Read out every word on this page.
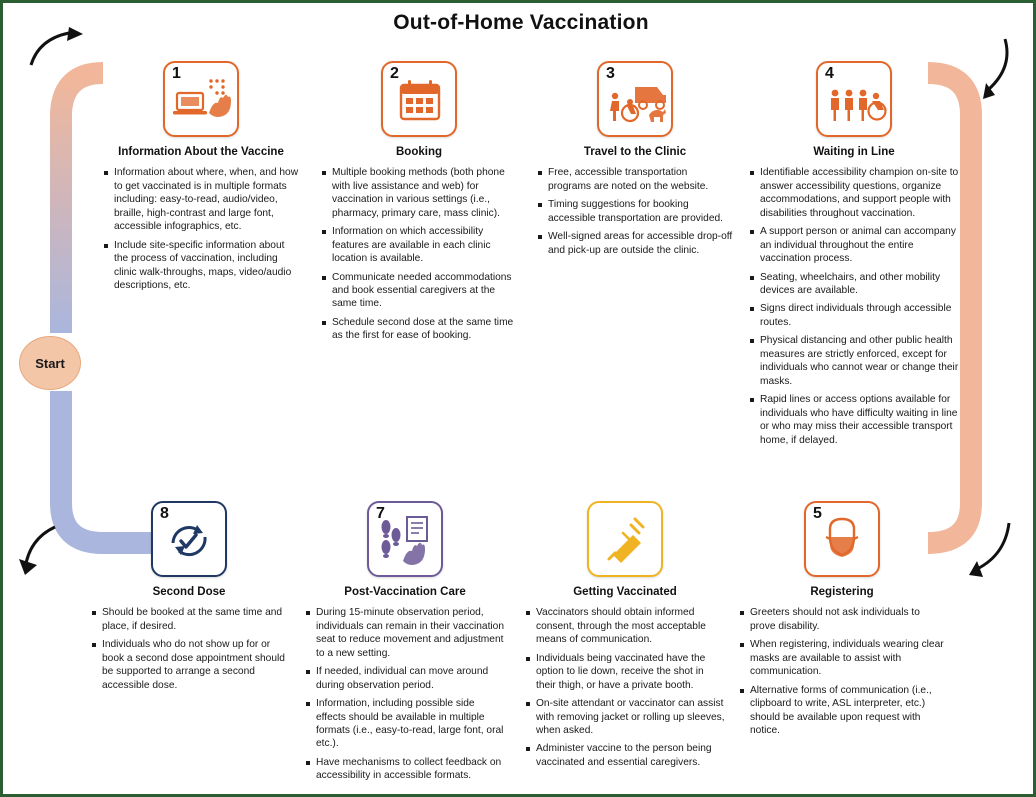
Out-of-Home Vaccination
Start
1
Information About the Vaccine
Information about where, when, and how to get vaccinated is in multiple formats including: easy-to-read, audio/video, braille, high-contrast and large font, accessible infographics, etc.
Include site-specific information about the process of vaccination, including clinic walk-throughs, maps, video/audio descriptions, etc.
2
Booking
Multiple booking methods (both phone with live assistance and web) for vaccination in various settings (i.e., pharmacy, primary care, mass clinic).
Information on which accessibility features are available in each clinic location is available.
Communicate needed accommodations and book essential caregivers at the same time.
Schedule second dose at the same time as the first for ease of booking.
3
Travel to the Clinic
Free, accessible transportation programs are noted on the website.
Timing suggestions for booking accessible transportation are provided.
Well-signed areas for accessible drop-off and pick-up are outside the clinic.
4
Waiting in Line
Identifiable accessibility champion on-site to answer accessibility questions, organize accommodations, and support people with disabilities throughout vaccination.
A support person or animal can accompany an individual throughout the entire vaccination process.
Seating, wheelchairs, and other mobility devices are available.
Signs direct individuals through accessible routes.
Physical distancing and other public health measures are strictly enforced, except for individuals who cannot wear or change their masks.
Rapid lines or access options available for individuals who have difficulty waiting in line or who may miss their accessible transport home, if delayed.
8
Second Dose
Should be booked at the same time and place, if desired.
Individuals who do not show up for or book a second dose appointment should be supported to arrange a second accessible dose.
7
Post-Vaccination Care
During 15-minute observation period, individuals can remain in their vaccination seat to reduce movement and adjustment to a new setting.
If needed, individual can move around during observation period.
Information, including possible side effects should be available in multiple formats (i.e., easy-to-read, large font, oral etc.).
Have mechanisms to collect feedback on accessibility in accessible formats.
Getting Vaccinated
Vaccinators should obtain informed consent, through the most acceptable means of communication.
Individuals being vaccinated have the option to lie down, receive the shot in their thigh, or have a private booth.
On-site attendant or vaccinator can assist with removing jacket or rolling up sleeves, when asked.
Administer vaccine to the person being vaccinated and essential caregivers.
5
Registering
Greeters should not ask individuals to prove disability.
When registering, individuals wearing clear masks are available to assist with communication.
Alternative forms of communication (i.e., clipboard to write, ASL interpreter, etc.) should be available upon request with notice.
